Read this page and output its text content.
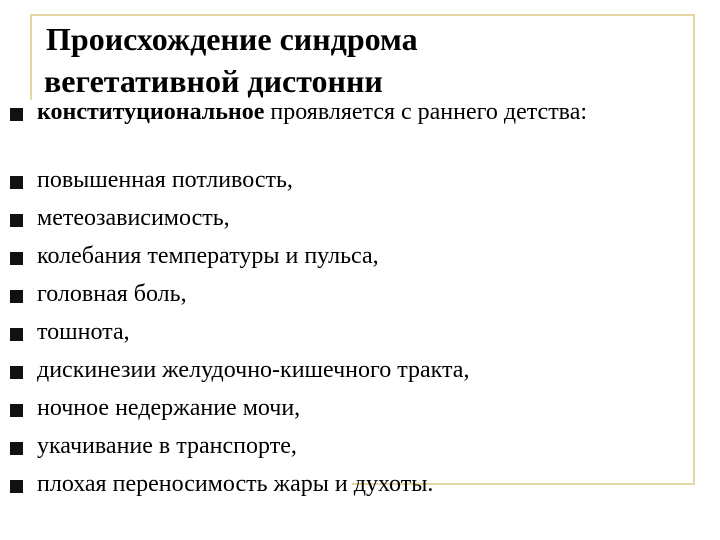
Происхождение синдрома
вегетативной дистонни
конституциональное проявляется с раннего детства:
повышенная потливость,
метеозависимость,
колебания температуры и пульса,
головная боль,
тошнота,
дискинезии желудочно-кишечного тракта,
ночное недержание мочи,
укачивание в транспорте,
плохая переносимость жары и духоты.
